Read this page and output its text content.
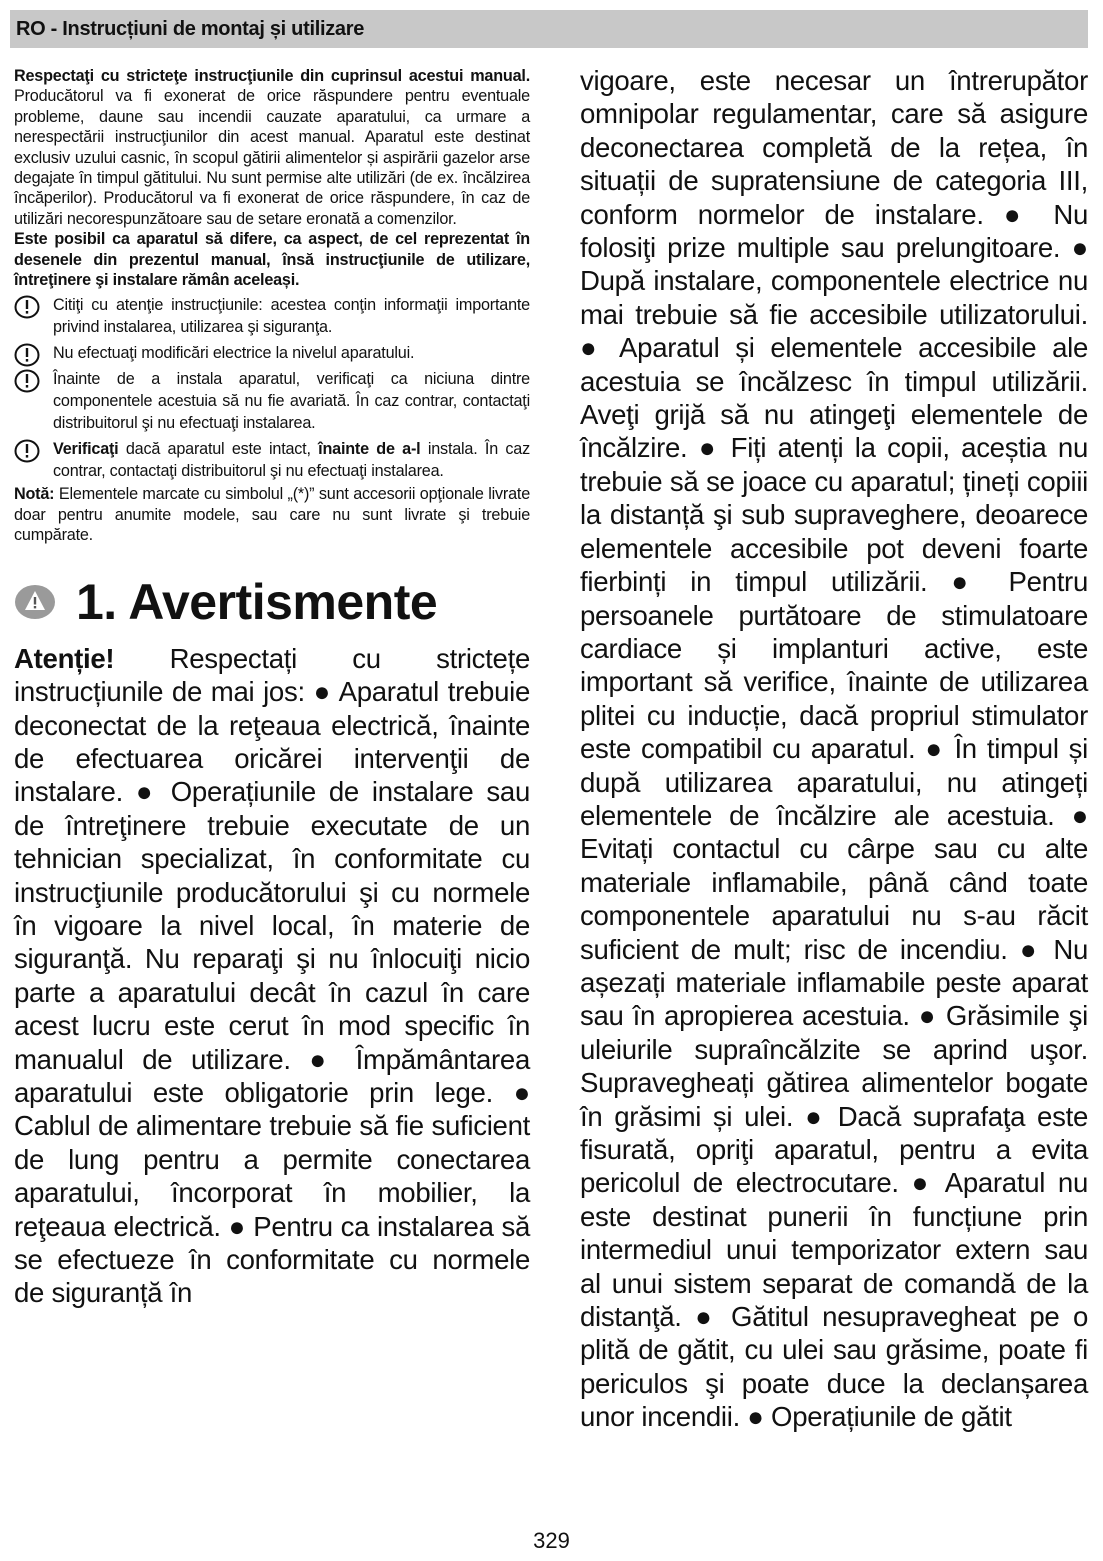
RO - Instrucțiuni de montaj și utilizare

Respectaţi cu stricteţe instrucţiunile din cuprinsul acestui manual. Producătorul va fi exonerat de orice răspundere pentru eventuale probleme, daune sau incendii cauzate aparatului, ca urmare a nerespectării instrucţiunilor din acest manual. Aparatul este destinat exclusiv uzului casnic, în scopul gătirii alimentelor și aspirării gazelor arse degajate în timpul gătitului. Nu sunt permise alte utilizări (de ex. încălzirea încăperilor). Producătorul va fi exonerat de orice răspundere, în caz de utilizări necorespunzătoare sau de setare eronată a comenzilor.

Este posibil ca aparatul să difere, ca aspect, de cel reprezentat în desenele din prezentul manual, însă instrucţiunile de utilizare, întreţinere şi instalare rămân aceleași.

Citiţi cu atenţie instrucţiunile: acestea conţin informaţii importante privind instalarea, utilizarea şi siguranţa.
Nu efectuaţi modificări electrice la nivelul aparatului.
Înainte de a instala aparatul, verificaţi ca niciuna dintre componentele acestuia să nu fie avariată. În caz contrar, contactaţi distribuitorul şi nu efectuaţi instalarea.
Verificaţi dacă aparatul este intact, înainte de a-l instala. În caz contrar, contactaţi distribuitorul şi nu efectuaţi instalarea.
Notă: Elementele marcate cu simbolul „(*)” sunt accesorii opţionale livrate doar pentru anumite modele, sau care nu sunt livrate şi trebuie cumpărate.
1. Avertismente

Atenție! Respectați cu strictețe instrucțiunile de mai jos: ● Aparatul trebuie deconectat de la reţeaua electrică, înainte de efectuarea oricărei intervenţii de instalare. ● Operațiunile de instalare sau de întreţinere trebuie executate de un tehnician specializat, în conformitate cu instrucţiunile producătorului şi cu normele în vigoare la nivel local, în materie de siguranţă. Nu reparaţi şi nu înlocuiţi nicio parte a aparatului decât în cazul în care acest lucru este cerut în mod specific în manualul de utilizare. ● Împământarea aparatului este obligatorie prin lege. ● Cablul de alimentare trebuie să fie suficient de lung pentru a permite conectarea aparatului, încorporat în mobilier, la reţeaua electrică. ● Pentru ca instalarea să se efectueze în conformitate cu normele de siguranță în

vigoare, este necesar un întrerupător omnipolar regulamentar, care să asigure deconectarea completă de la rețea, în situații de supratensiune de categoria III, conform normelor de instalare. ● Nu folosiţi prize multiple sau prelungitoare. ● După instalare, componentele electrice nu mai trebuie să fie accesibile utilizatorului. ● Aparatul și elementele accesibile ale acestuia se încălzesc în timpul utilizării. Aveţi grijă să nu atingeţi elementele de încălzire. ● Fiți atenți la copii, aceștia nu trebuie să se joace cu aparatul; țineți copiii la distanță şi sub supraveghere, deoarece elementele accesibile pot deveni foarte fierbinți in timpul utilizării. ● Pentru persoanele purtătoare de stimulatoare cardiace și implanturi active, este important să verifice, înainte de utilizarea plitei cu inducție, dacă propriul stimulator este compatibil cu aparatul. ● În timpul și după utilizarea aparatului, nu atingeți elementele de încălzire ale acestuia. ● Evitați contactul cu cârpe sau cu alte materiale inflamabile, până când toate componentele aparatului nu s-au răcit suficient de mult; risc de incendiu. ● Nu așezați materiale inflamabile peste aparat sau în apropierea acestuia. ● Grăsimile şi uleiurile supraîncălzite se aprind uşor. Supravegheați gătirea alimentelor bogate în grăsimi și ulei. ● Dacă suprafaţa este fisurată, opriţi aparatul, pentru a evita pericolul de electrocutare. ● Aparatul nu este destinat punerii în funcțiune prin intermediul unui temporizator extern sau al unui sistem separat de comandă de la distanţă. ● Gătitul nesupravegheat pe o plită de gătit, cu ulei sau grăsime, poate fi periculos şi poate duce la declanșarea unor incendii. ● Operațiunile de gătit

329
